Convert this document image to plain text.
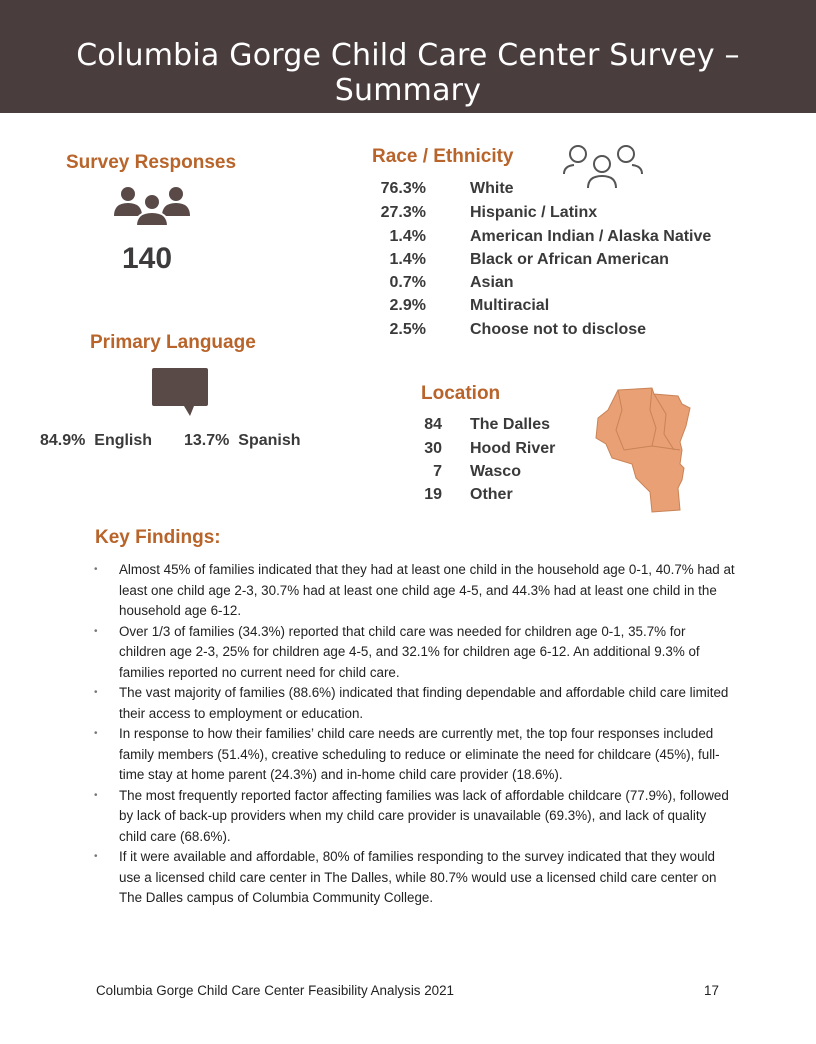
Columbia Gorge Child Care Center Survey – Summary
Survey Responses
140
Primary Language
84.9% English 13.7% Spanish
Race / Ethnicity
76.3%	White
27.3%	Hispanic / Latinx
1.4%	American Indian / Alaska Native
1.4%	Black or African American
0.7%	Asian
2.9%	Multiracial
2.5%	Choose not to disclose
Location
84 The Dalles
30 Hood River
7 Wasco
19 Other
Key Findings:
• Almost 45% of families indicated that they had at least one child in the household age 0-1, 40.7% had at least one child age 2-3, 30.7% had at least one child age 4-5, and 44.3% had at least one child in the household age 6-12.
• Over 1/3 of families (34.3%) reported that child care was needed for children age 0-1, 35.7% for children age 2-3, 25% for children age 4-5, and 32.1% for children age 6-12. An additional 9.3% of families reported no current need for child care.
• The vast majority of families (88.6%) indicated that finding dependable and affordable child care limited their access to employment or education.
• In response to how their families’ child care needs are currently met, the top four responses included family members (51.4%), creative scheduling to reduce or eliminate the need for childcare (45%), full-time stay at home parent (24.3%) and in-home child care provider (18.6%).
• The most frequently reported factor affecting families was lack of affordable childcare (77.9%), followed by lack of back-up providers when my child care provider is unavailable (69.3%), and lack of quality child care (68.6%).
• If it were available and affordable, 80% of families responding to the survey indicated that they would use a licensed child care center in The Dalles, while 80.7% would use a licensed child care center on The Dalles campus of Columbia Community College.
Columbia Gorge Child Care Center Feasibility Analysis 2021	17
